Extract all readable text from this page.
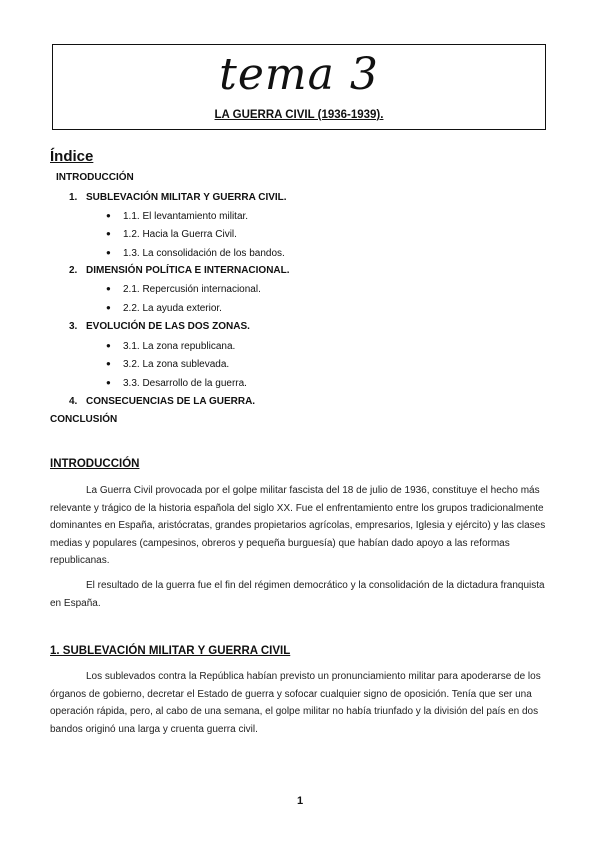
tema 3
LA GUERRA CIVIL (1936-1939).
Índice
INTRODUCCIÓN
1. SUBLEVACIÓN MILITAR Y GUERRA CIVIL.
● 1.1. El levantamiento militar.
● 1.2. Hacia la Guerra Civil.
● 1.3. La consolidación de los bandos.
2. DIMENSIÓN POLÍTICA E INTERNACIONAL.
● 2.1. Repercusión internacional.
● 2.2. La ayuda exterior.
3. EVOLUCIÓN DE LAS DOS ZONAS.
● 3.1. La zona republicana.
● 3.2. La zona sublevada.
● 3.3. Desarrollo de la guerra.
4. CONSECUENCIAS DE LA GUERRA.
CONCLUSIÓN
INTRODUCCIÓN

La Guerra Civil provocada por el golpe militar fascista del 18 de julio de 1936, constituye el hecho más relevante y trágico de la historia española del siglo XX. Fue el enfrentamiento entre los grupos tradicionalmente dominantes en España, aristócratas, grandes propietarios agrícolas, empresarios, Iglesia y ejército) y las clases medias y populares (campesinos, obreros y pequeña burguesía) que habían dado apoyo a las reformas republicanas.

El resultado de la guerra fue el fin del régimen democrático y la consolidación de la dictadura franquista en España.

1. SUBLEVACIÓN MILITAR Y GUERRA CIVIL

Los sublevados contra la República habían previsto un pronunciamiento militar para apoderarse de los órganos de gobierno, decretar el Estado de guerra y sofocar cualquier signo de oposición. Tenía que ser una operación rápida, pero, al cabo de una semana, el golpe militar no había triunfado y la división del país en dos bandos originó una larga y cruenta guerra civil.

1
